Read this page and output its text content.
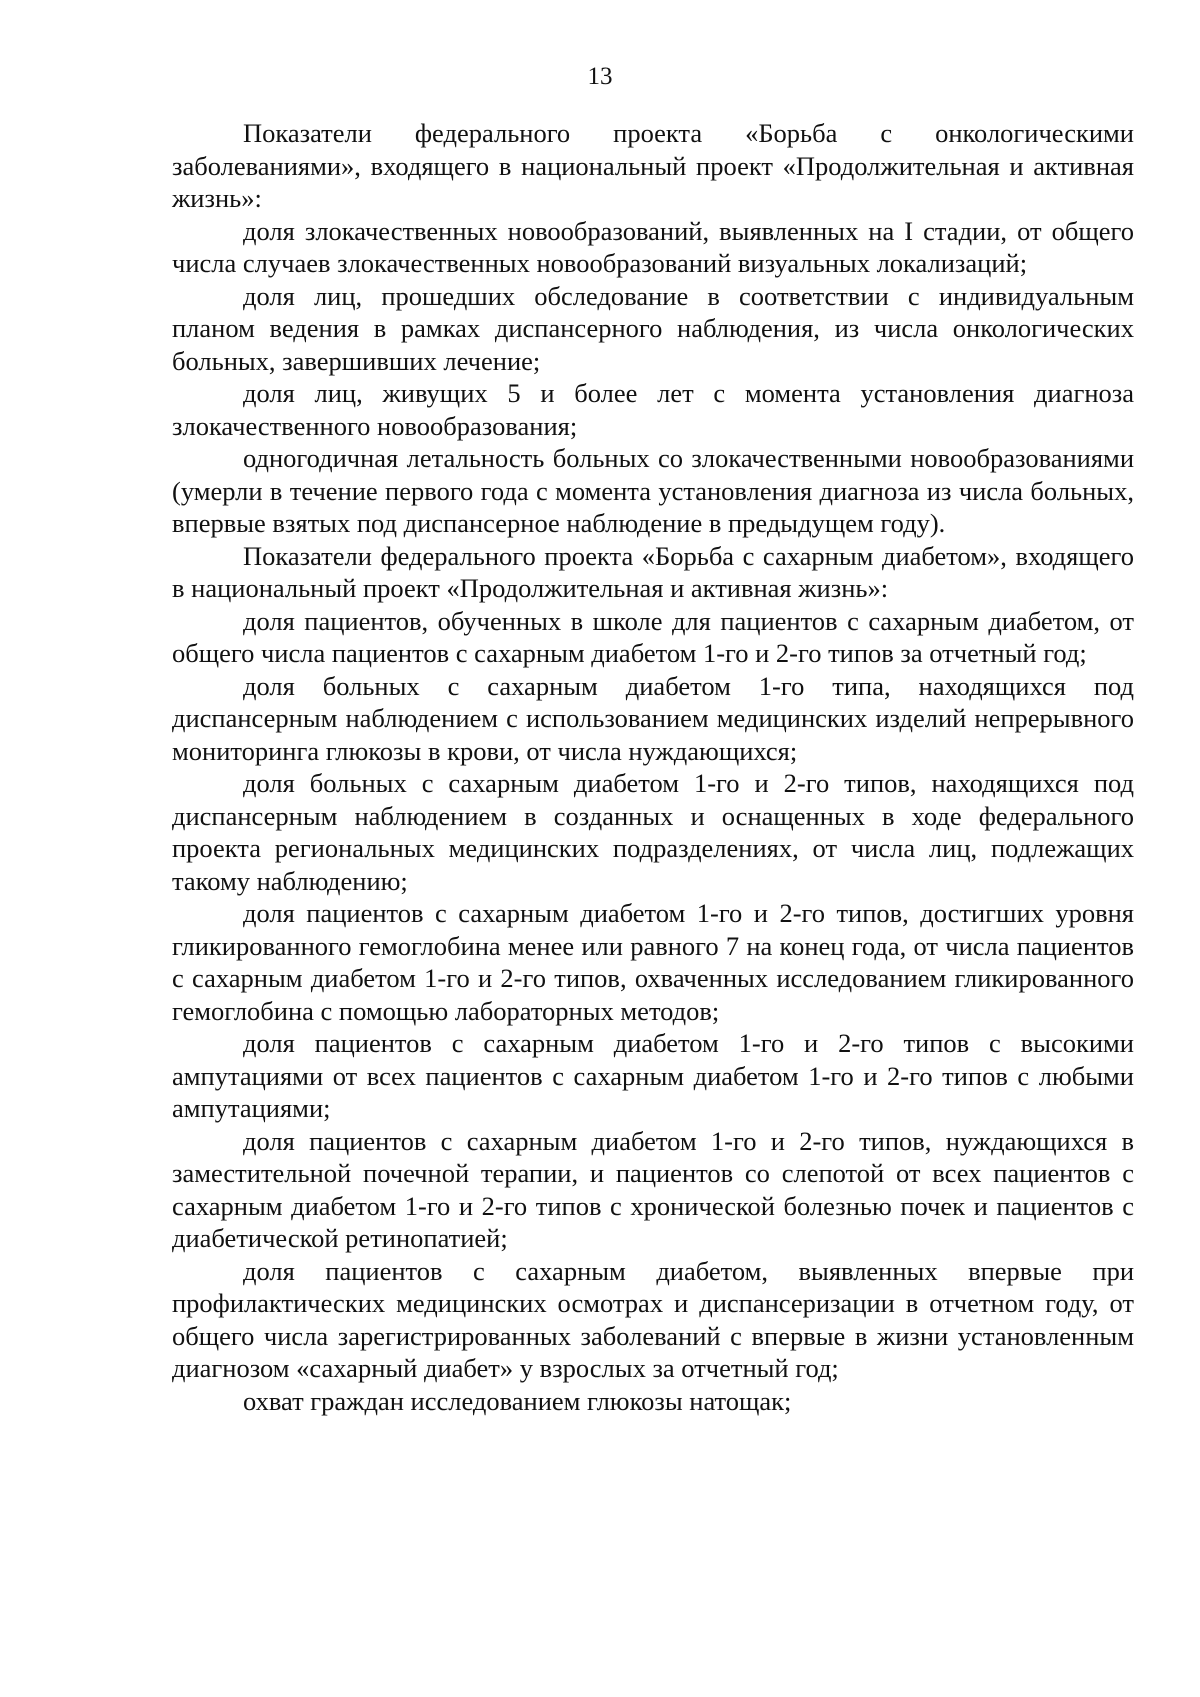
13

Показатели федерального проекта «Борьба с онкологическими заболеваниями», входящего в национальный проект «Продолжительная и активная жизнь»:

доля злокачественных новообразований, выявленных на I стадии, от общего числа случаев злокачественных новообразований визуальных локализаций;

доля лиц, прошедших обследование в соответствии с индивидуальным планом ведения в рамках диспансерного наблюдения, из числа онкологических больных, завершивших лечение;

доля лиц, живущих 5 и более лет с момента установления диагноза злокачественного новообразования;

одногодичная летальность больных со злокачественными новообразованиями (умерли в течение первого года с момента установления диагноза из числа больных, впервые взятых под диспансерное наблюдение в предыдущем году).

Показатели федерального проекта «Борьба с сахарным диабетом», входящего в национальный проект «Продолжительная и активная жизнь»:

доля пациентов, обученных в школе для пациентов с сахарным диабетом, от общего числа пациентов с сахарным диабетом 1-го и 2-го типов за отчетный год;

доля больных с сахарным диабетом 1-го типа, находящихся под диспансерным наблюдением с использованием медицинских изделий непрерывного мониторинга глюкозы в крови, от числа нуждающихся;

доля больных с сахарным диабетом 1-го и 2-го типов, находящихся под диспансерным наблюдением в созданных и оснащенных в ходе федерального проекта региональных медицинских подразделениях, от числа лиц, подлежащих такому наблюдению;

доля пациентов с сахарным диабетом 1-го и 2-го типов, достигших уровня гликированного гемоглобина менее или равного 7 на конец года, от числа пациентов с сахарным диабетом 1-го и 2-го типов, охваченных исследованием гликированного гемоглобина с помощью лабораторных методов;

доля пациентов с сахарным диабетом 1-го и 2-го типов с высокими ампутациями от всех пациентов с сахарным диабетом 1-го и 2-го типов с любыми ампутациями;

доля пациентов с сахарным диабетом 1-го и 2-го типов, нуждающихся в заместительной почечной терапии, и пациентов со слепотой от всех пациентов с сахарным диабетом 1-го и 2-го типов с хронической болезнью почек и пациентов с диабетической ретинопатией;

доля пациентов с сахарным диабетом, выявленных впервые при профилактических медицинских осмотрах и диспансеризации в отчетном году, от общего числа зарегистрированных заболеваний с впервые в жизни установленным диагнозом «сахарный диабет» у взрослых за отчетный год;

охват граждан исследованием глюкозы натощак;
